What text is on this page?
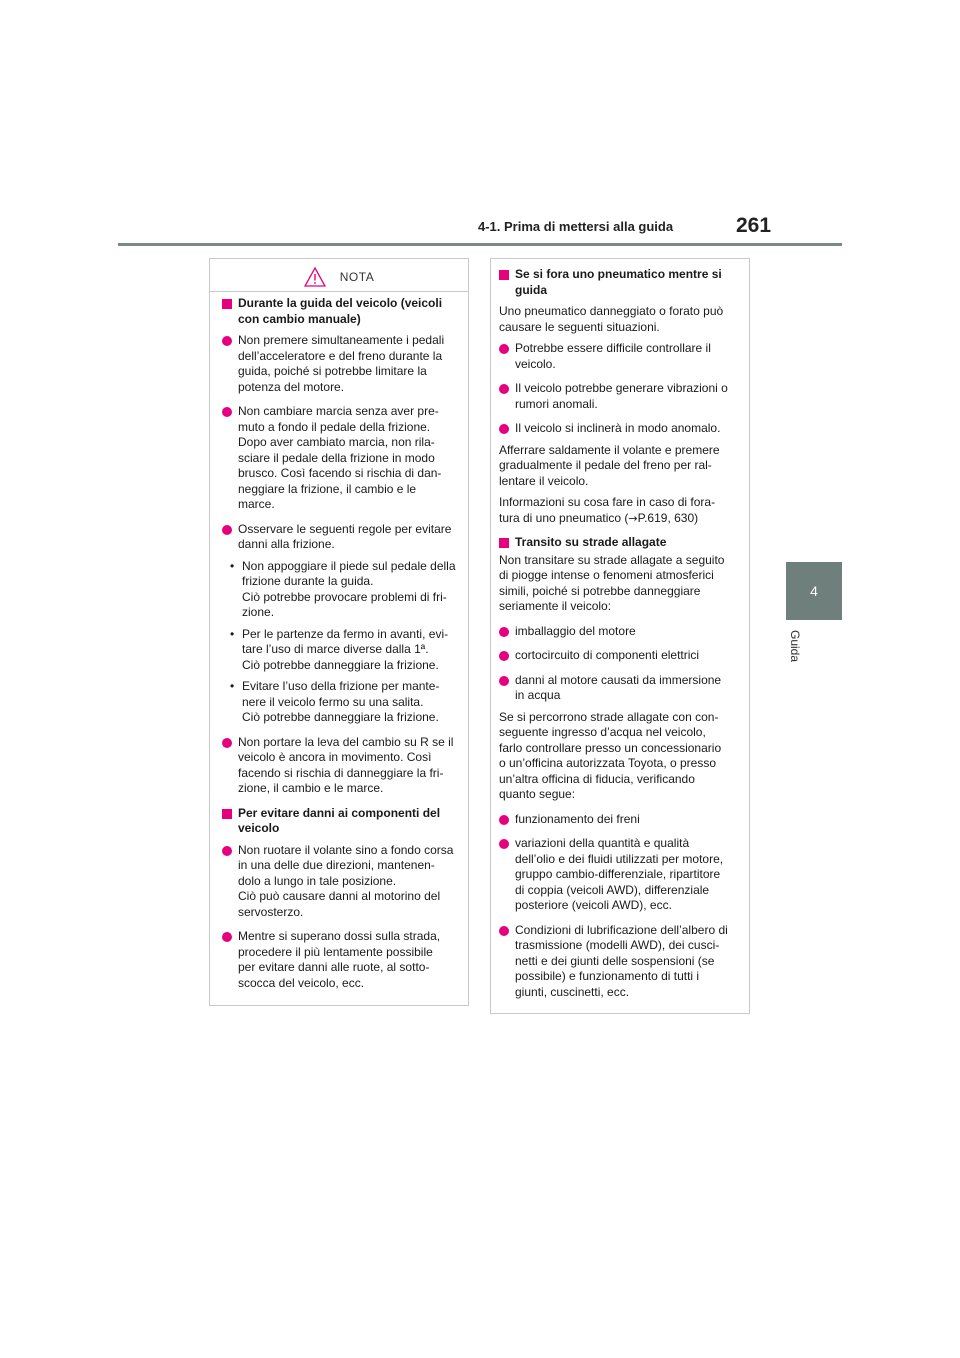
4-1. Prima di mettersi alla guida	261
4
Guida
NOTA
Durante la guida del veicolo (veicoli
con cambio manuale)
Non premere simultaneamente i pedali
dell’acceleratore e del freno durante la
guida, poiché si potrebbe limitare la
potenza del motore.
Non cambiare marcia senza aver pre-
muto a fondo il pedale della frizione.
Dopo aver cambiato marcia, non rila-
sciare il pedale della frizione in modo
brusco. Così facendo si rischia di dan-
neggiare la frizione, il cambio e le
marce.
Osservare le seguenti regole per evitare
danni alla frizione.
• Non appoggiare il piede sul pedale della
frizione durante la guida.
Ciò potrebbe provocare problemi di fri-
zione.
• Per le partenze da fermo in avanti, evi-
tare l’uso di marce diverse dalla 1ª.
Ciò potrebbe danneggiare la frizione.
• Evitare l’uso della frizione per mante-
nere il veicolo fermo su una salita.
Ciò potrebbe danneggiare la frizione.
Non portare la leva del cambio su R se il
veicolo è ancora in movimento. Così
facendo si rischia di danneggiare la fri-
zione, il cambio e le marce.
Per evitare danni ai componenti del
veicolo
Non ruotare il volante sino a fondo corsa
in una delle due direzioni, mantenen-
dolo a lungo in tale posizione.
Ciò può causare danni al motorino del
servosterzo.
Mentre si superano dossi sulla strada,
procedere il più lentamente possibile
per evitare danni alle ruote, al sotto-
scocca del veicolo, ecc.
Se si fora uno pneumatico mentre si
guida
Uno pneumatico danneggiato o forato può
causare le seguenti situazioni.
Potrebbe essere difficile controllare il
veicolo.
Il veicolo potrebbe generare vibrazioni o
rumori anomali.
Il veicolo si inclinerà in modo anomalo.
Afferrare saldamente il volante e premere
gradualmente il pedale del freno per ral-
lentare il veicolo.
Informazioni su cosa fare in caso di fora-
tura di uno pneumatico (→P.619, 630)
Transito su strade allagate
Non transitare su strade allagate a seguito
di piogge intense o fenomeni atmosferici
simili, poiché si potrebbe danneggiare
seriamente il veicolo:
imballaggio del motore
cortocircuito di componenti elettrici
danni al motore causati da immersione
in acqua
Se si percorrono strade allagate con con-
seguente ingresso d’acqua nel veicolo,
farlo controllare presso un concessionario
o un’officina autorizzata Toyota, o presso
un’altra officina di fiducia, verificando
quanto segue:
funzionamento dei freni
variazioni della quantità e qualità
dell’olio e dei fluidi utilizzati per motore,
gruppo cambio-differenziale, ripartitore
di coppia (veicoli AWD), differenziale
posteriore (veicoli AWD), ecc.
Condizioni di lubrificazione dell’albero di
trasmissione (modelli AWD), dei cusci-
netti e dei giunti delle sospensioni (se
possibile) e funzionamento di tutti i
giunti, cuscinetti, ecc.
